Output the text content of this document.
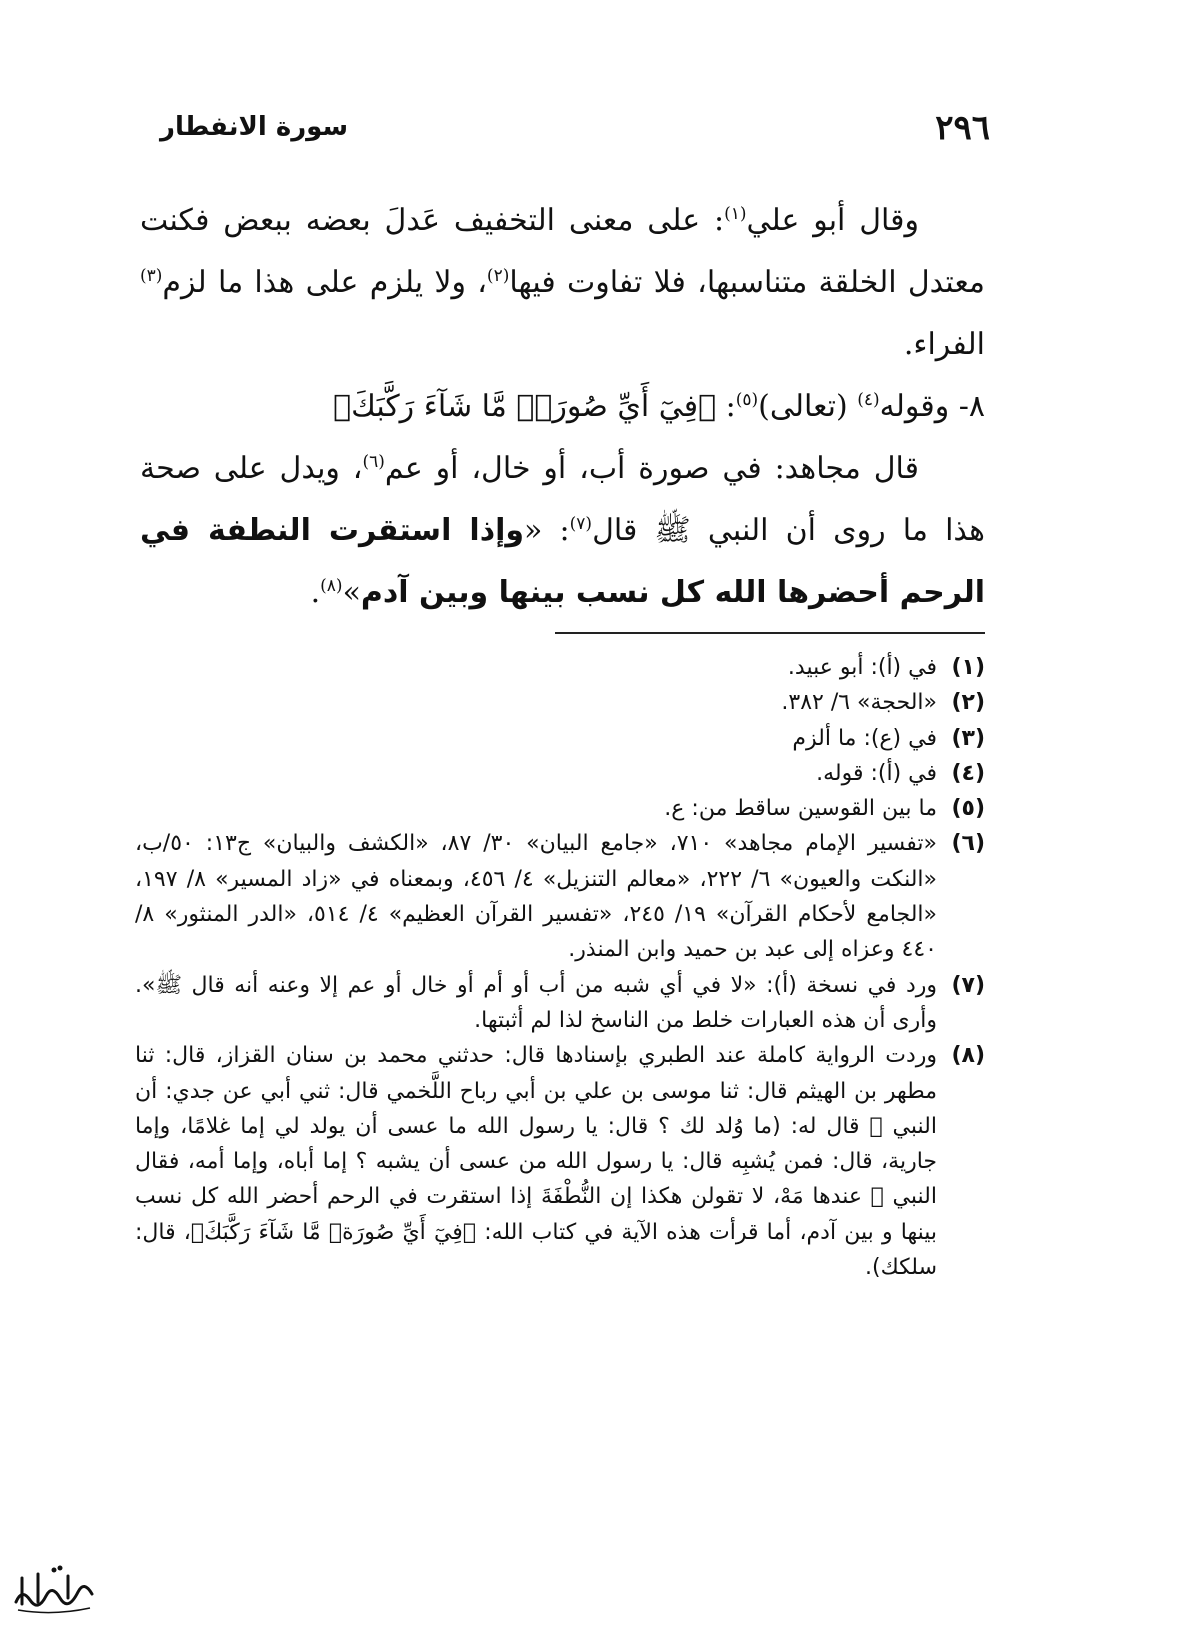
٢٩٦
سورة الانفطار

وقال أبو علي$^{(١)}$: على معنى التخفيف عَدلَ بعضه ببعض فكنت معتدل الخلقة متناسبها، فلا تفاوت فيها$^{(٢)}$، ولا يلزم على هذا ما لزم$^{(٣)}$ الفراء.

٨- وقوله$^{(٤)}$ (تعالى)$^{(٥)}$: ﴿فِيٓ أَيِّ صُورَةٖ مَّا شَآءَ رَكَّبَكَ﴾

قال مجاهد: في صورة أب، أو خال، أو عم$^{(٦)}$، ويدل على صحة هذا ما روى أن النبي ﷺ قال$^{(٧)}$: «وإذا استقرت النطفة في الرحم أحضرها الله كل نسب بينها وبين آدم»$^{(٨)}$.

(١)
في (أ): أبو عبيد.
(٢)
«الحجة» ٦/ ٣٨٢.
(٣)
في (ع): ما ألزم
(٤)
في (أ): قوله.
(٥)
ما بين القوسين ساقط من: ع.
(٦)
«تفسير الإمام مجاهد» ٧١٠، «جامع البيان» ٣٠/ ٨٧، «الكشف والبيان» ج١٣: ٥٠/ب، «النكت والعيون» ٦/ ٢٢٢، «معالم التنزيل» ٤/ ٤٥٦، وبمعناه في «زاد المسير» ٨/ ١٩٧، «الجامع لأحكام القرآن» ١٩/ ٢٤٥، «تفسير القرآن العظيم» ٤/ ٥١٤، «الدر المنثور» ٨/ ٤٤٠ وعزاه إلى عبد بن حميد وابن المنذر.
(٧)
ورد في نسخة (أ): «لا في أي شبه من أب أو أم أو خال أو عم إلا وعنه أنه قال ﷺ». وأرى أن هذه العبارات خلط من الناسخ لذا لم أثبتها.
(٨)
وردت الرواية كاملة عند الطبري بإسنادها قال: حدثني محمد بن سنان القزاز، قال: ثنا مطهر بن الهيثم قال: ثنا موسى بن علي بن أبي رباح اللَّخمي قال: ثني أبي عن جدي: أن النبي ﷺ قال له: (ما وُلد لك ؟ قال: يا رسول الله ما عسى أن يولد لي إما غلامًا، وإما جارية، قال: فمن يُشبِه قال: يا رسول الله من عسى أن يشبه ؟ إما أباه، وإما أمه، فقال النبي ﷺ عندها مَهْ، لا تقولن هكذا إن النُّطْفَةَ إذا استقرت في الرحم أحضر الله كل نسب بينها و بين آدم، أما قرأت هذه الآية في كتاب الله: ﴿فِيٓ أَيِّ صُورَةٖ مَّا شَآءَ رَكَّبَكَ﴾، قال: سلكك).
